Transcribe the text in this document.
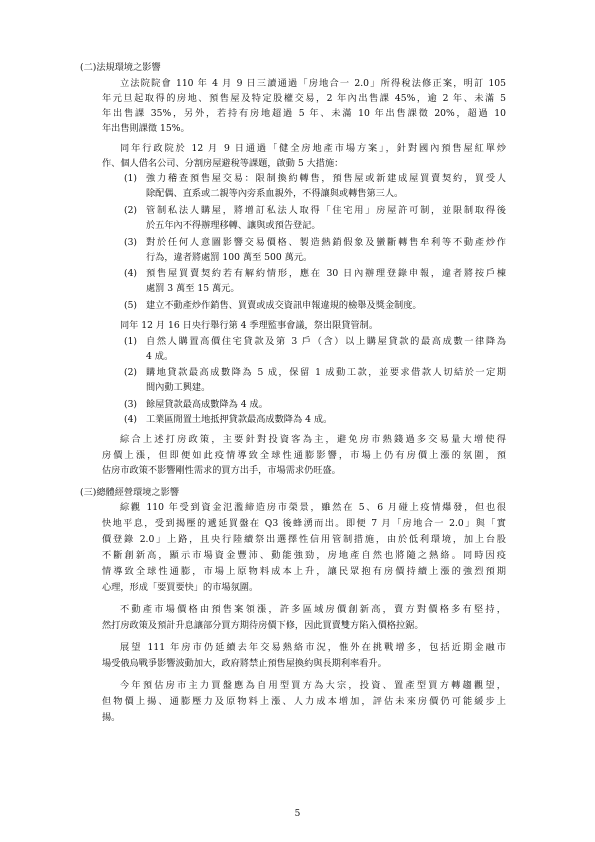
(二)法規環境之影響
立法院院會 110 年 4 月 9 日三讀通過「房地合一 2.0」所得稅法修正案，明訂 105
年元旦起取得的房地、預售屋及特定股權交易，2 年內出售課 45%，逾 2 年、未滿 5
年出售課 35%，另外，若持有房地超過 5 年、未滿 10 年出售課徵 20%，超過 10
年出售則課徵 15%。
同年行政院於 12 月 9 日通過「健全房地產市場方案」，針對國內預售屋紅單炒
作、個人借名公司、分割房屋避稅等課題，啟動 5 大措施：
(1) 強力稽查預售屋交易：限制換約轉售，預售屋或新建成屋買賣契約，買受人
除配偶、直系或二親等內旁系血親外，不得讓與或轉售第三人。
(2) 管制私法人購屋，將增訂私法人取得「住宅用」房屋許可制，並限制取得後
於五年內不得辦理移轉、讓與或預告登記。
(3) 對於任何人意圖影響交易價格、製造熱銷假象及蠻斷轉售牟利等不動產炒作
行為，違者將處罰 100 萬至 500 萬元。
(4) 預售屋買賣契約若有解約情形，應在 30 日內辦理登錄申報，違者將按戶棟
處罰 3 萬至 15 萬元。
(5) 建立不動產炒作銷售、買賣或成交資訊申報違規的檢舉及獎金制度。
同年 12 月 16 日央行舉行第 4 季理監事會議，祭出限貸管制。
(1) 自然人購置高價住宅貸款及第 3 戶（含）以上購屋貸款的最高成數一律降為
4 成。
(2) 購地貸款最高成數降為 5 成，保留 1 成動工款，並要求借款人切結於一定期
間內動工興建。
(3) 餘屋貸款最高成數降為 4 成。
(4) 工業區閒置土地抵押貸款最高成數降為 4 成。
綜合上述打房政策，主要針對投資客為主，避免房市熱錢過多交易量大增使得
房價上漲，但即便如此疫情導致全球性通膨影響，市場上仍有房價上漲的氛圍，預
估房市政策不影響剛性需求的買方出手，市場需求仍旺盛。
(三)總體經營環境之影響
綜觀 110 年受到資金氾濫締造房市榮景，雖然在 5、6 月碰上疫情爆發，但也很
快地平息，受到揭壓的遞延買盤在 Q3 後蜂湧而出。即便 7 月「房地合一 2.0」與「實
價登錄 2.0」上路，且央行陸續祭出選擇性信用管制措施，由於低利環境，加上台股
不斷創新高，顯示市場資金豐沛、動能強勁，房地產自然也將隨之熱絡。同時因疫
情導致全球性通膨，市場上原物料成本上升，讓民眾抱有房價持續上漲的強烈預期
心理，形成「要買要快」的市場氛圍。
不動產市場價格由預售案領漲，許多區域房價創新高，賣方對價格多有堅持，
然打房政策及預計升息讓部分買方期待房價下修，因此買賣雙方陷入價格拉鋸。
展望 111 年房市仍延續去年交易熱絡市況，惟外在挑戰增多，包括近期金融市
場受俄烏戰爭影響波動加大，政府將禁止預售屋換約與長期利率看升。
今年預估房市主力買盤應為自用型買方為大宗，投資、置產型買方轉趨觀望，
但物價上揚、通膨壓力及原物料上漲、人力成本增加，評估未來房價仍可能緩步上
揚。
5
